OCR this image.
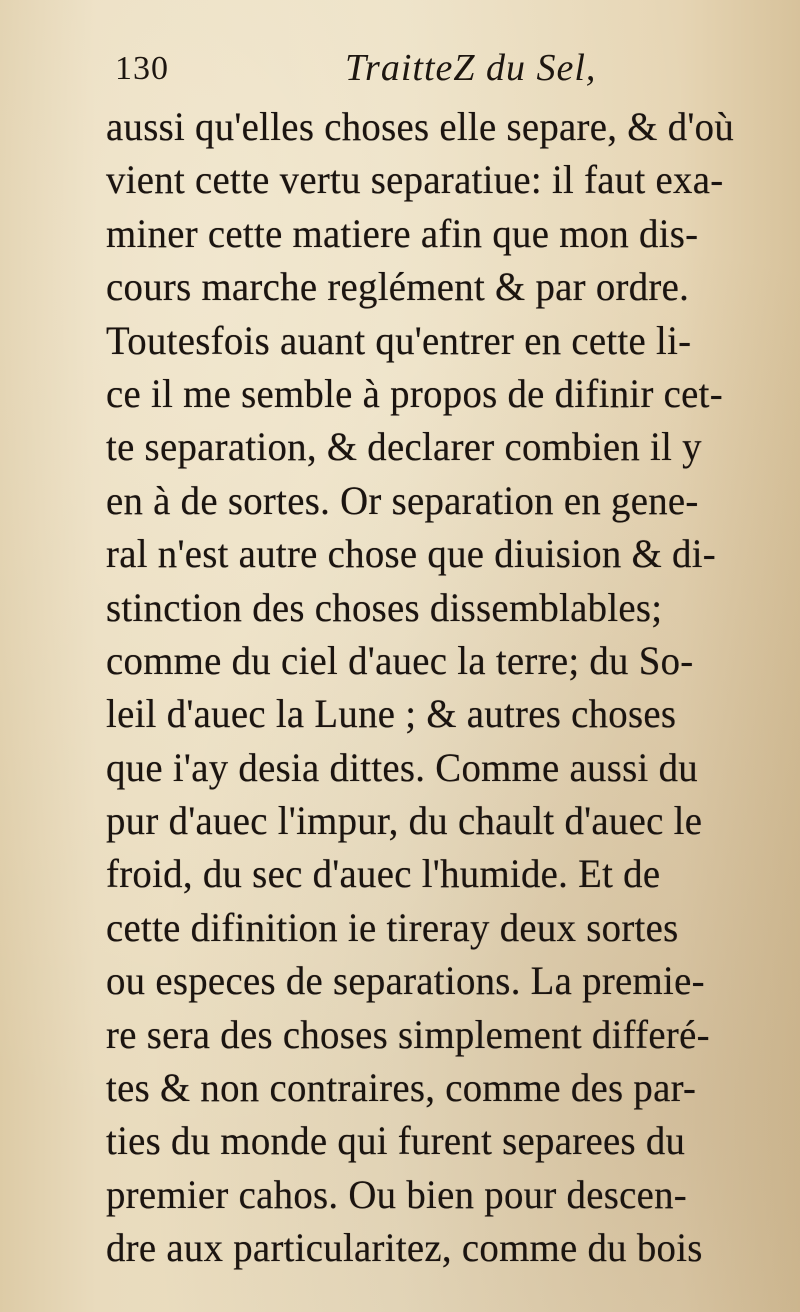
130	TraitteZ du Sel,
aussi qu'elles choses elle separe, & d'où
vient cette vertu separatiue: il faut exa-
miner cette matiere afin que mon dis-
cours marche reglément & par ordre.
Toutesfois auant qu'entrer en cette li-
ce il me semble à propos de difinir cet-
te separation, & declarer combien il y
en à de sortes. Or separation en gene-
ral n'est autre chose que diuision & di-
stinction des choses dissemblables;
comme du ciel d'auec la terre; du So-
leil d'auec la Lune ; & autres choses
que i'ay desia dittes. Comme aussi du
pur d'auec l'impur, du chault d'auec le
froid, du sec d'auec l'humide. Et de
cette difinition ie tireray deux sortes
ou especes de separations. La premie-
re sera des choses simplement differé-
tes & non contraires, comme des par-
ties du monde qui furent separees du
premier cahos. Ou bien pour descen-
dre aux particularitez, comme du bois
